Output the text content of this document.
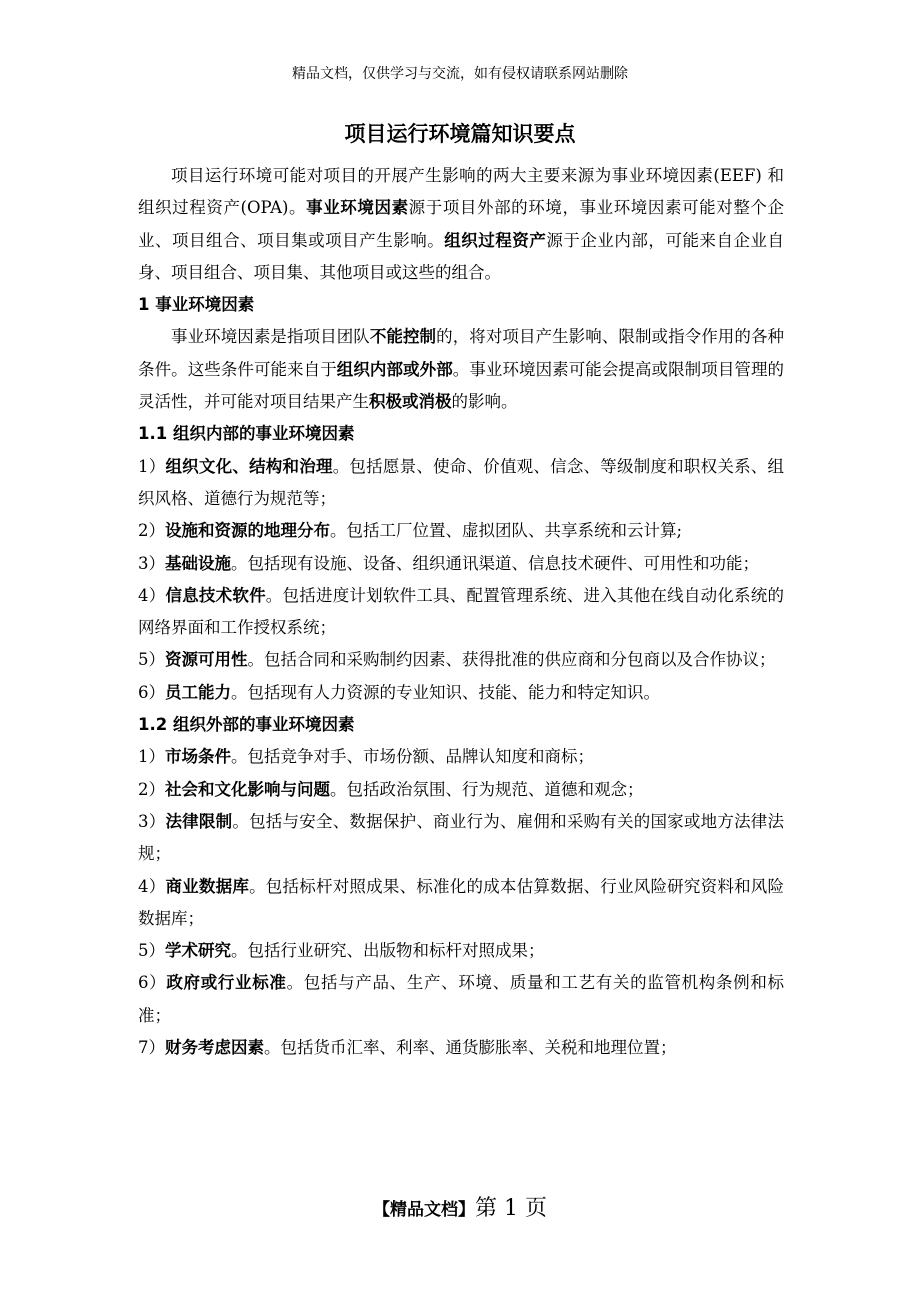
精品文档，仅供学习与交流，如有侵权请联系网站删除
项目运行环境篇知识要点

项目运行环境可能对项目的开展产生影响的两大主要来源为事业环境因素(EEF) 和组织过程资产(OPA)。事业环境因素源于项目外部的环境，事业环境因素可能对整个企业、项目组合、项目集或项目产生影响。组织过程资产源于企业内部，可能来自企业自身、项目组合、项目集、其他项目或这些的组合。

1 事业环境因素

事业环境因素是指项目团队不能控制的，将对项目产生影响、限制或指令作用的各种条件。这些条件可能来自于组织内部或外部。事业环境因素可能会提高或限制项目管理的灵活性，并可能对项目结果产生积极或消极的影响。

1.1 组织内部的事业环境因素

1）组织文化、结构和治理。包括愿景、使命、价值观、信念、等级制度和职权关系、组织风格、道德行为规范等；

2）设施和资源的地理分布。包括工厂位置、虚拟团队、共享系统和云计算;

3）基础设施。包括现有设施、设备、组织通讯渠道、信息技术硬件、可用性和功能；

4）信息技术软件。包括进度计划软件工具、配置管理系统、进入其他在线自动化系统的网络界面和工作授权系统；

5）资源可用性。包括合同和采购制约因素、获得批准的供应商和分包商以及合作协议；

6）员工能力。包括现有人力资源的专业知识、技能、能力和特定知识。

1.2 组织外部的事业环境因素

1）市场条件。包括竞争对手、市场份额、品牌认知度和商标；

2）社会和文化影响与问题。包括政治氛围、行为规范、道德和观念；

3）法律限制。包括与安全、数据保护、商业行为、雇佣和采购有关的国家或地方法律法规；

4）商业数据库。包括标杆对照成果、标准化的成本估算数据、行业风险研究资料和风险数据库；

5）学术研究。包括行业研究、出版物和标杆对照成果；

6）政府或行业标准。包括与产品、生产、环境、质量和工艺有关的监管机构条例和标准；

7）财务考虑因素。包括货币汇率、利率、通货膨胀率、关税和地理位置；

【精品文档】第 1 页
